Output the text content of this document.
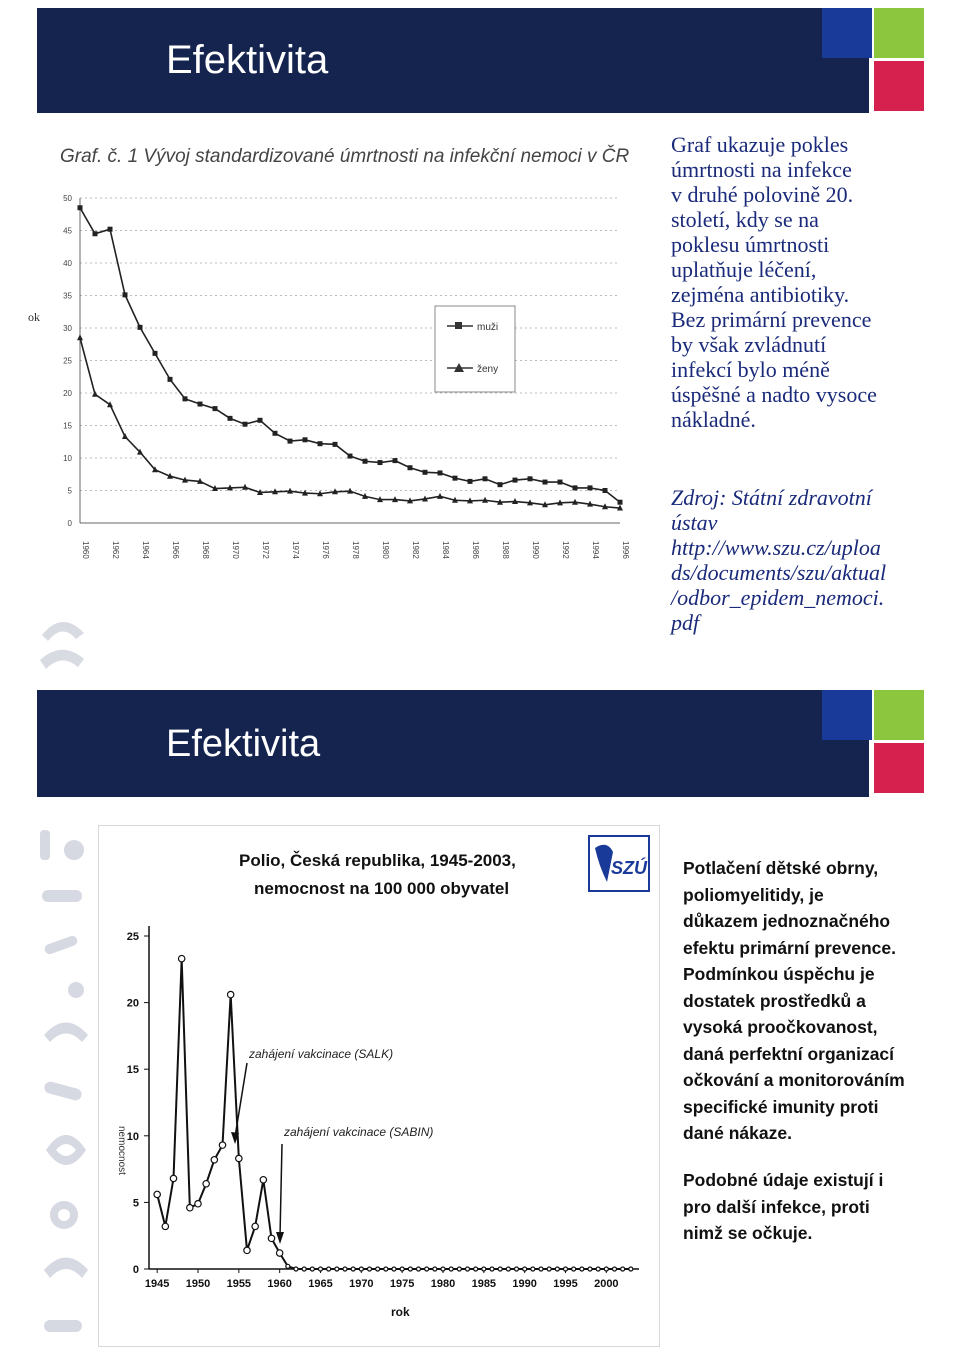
Efektivita
ok
Graf. č. 1 Vývoj standardizované úmrtnosti na infekční nemoci v ČR
0
5
10
15
20
25
30
35
40
45
50
1960	1962	1964	1966	1968	1970	1972	1974	1976	1978	1980	1982	1984	1986	1988	1990	1992	1994	1996
muži
ženy
Graf ukazuje pokles
úmrtnosti na infekce
v druhé polovině 20.
století, kdy se na
poklesu úmrtnosti
uplatňuje léčení,
zejména antibiotiky.
Bez primární prevence
by však zvládnutí
infekcí bylo méně
úspěšné a nadto vysoce
nákladné.
Zdroj: Státní zdravotní
ústav
http://www.szu.cz/uploa
ds/documents/szu/aktual
/odbor_epidem_nemoci.
pdf
Efektivita
Polio, Česká republika, 1945-2003,
nemocnost na 100 000 obyvatel
SZÚ
nemocnost
0
5
10
15
20
25
1945 1950 1955 1960 1965 1970 1975 1980 1985 1990 1995 2000
zahájení vakcinace (SALK)
zahájení vakcinace (SABIN)
rok
Potlačení dětské obrny,
poliomyelitidy, je
důkazem jednoznačného
efektu primární prevence.
Podmínkou úspěchu je
dostatek prostředků a
vysoká proočkovanost,
daná perfektní organizací
očkování a monitorováním
specifické imunity proti
dané nákaze.
Podobné údaje existují i
pro další infekce, proti
nimž se očkuje.
